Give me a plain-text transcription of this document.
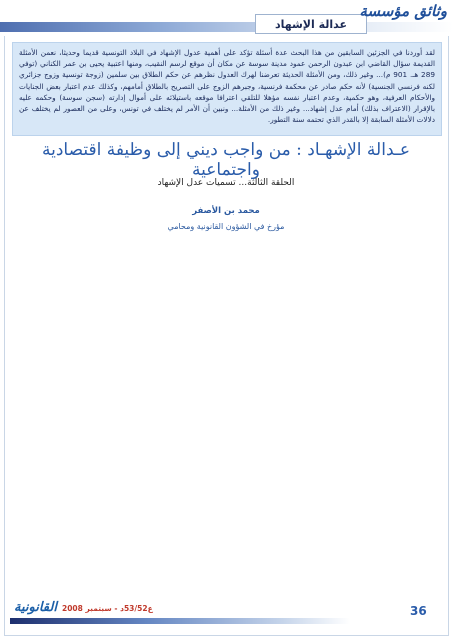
عدالة الإشهاد
وثائق مؤسسة

لقد أوردنا في الجزئين السابقين من هذا البحث عدة أسئلة تؤكد على أهمية عدول الإشهاد في البلاد التونسية قديما وحديثا، نعمن الأمثلة القديمة سؤال القاضي ابن عبدون الرحمن عمود مدينة سوسة عن مكان أن موقع لرسم النقيب، ومنها اعتبية يحيى بن عمر الكناني (توفي 289 هـ. 901 م)... وغير ذلك، ومن الأمثلة الحديثة تعرضنا لهرك العدول نظرهم عن حكم الطلاق بين سلمين (زوجة تونسية وزوج جزائري لكنه فرنسي الجنسية) لأنه حكم صادر عن محكمة فرنسية، وجبرهم الزوج على التصريح بالطلاق أمامهم، وكذلك عدم اعتبار بعض الجنايات والأحكام العرفية، وهو حكمية، وعدم اعتبار نفسه مؤهلا للتلقي اعترافا موقعه باستيلائه على أموال إدارته (سجن سوسة) وحكمه عليه بالإقرار (الاعتراف بذلك) أمام عدل إشهاد... وغير ذلك من الأمثلة... ونبين أن الأمر لم يختلف في تونس، وعلى من العصور لم يختلف عن دلالات الأمثلة السابقة إلا بالقدر الذي تحتمه سنة التطور.

عـدالة الإشهـاد : من واجب ديني إلى وظيفة اقتصادية واجتماعية
الحلقة الثالثة... تسميات عدل الإشهاد
محمد بن الأصفر
مؤرخ في الشؤون القانونية ومحامي
36
ع53/52د - سبتمبر 2008
القانونية
